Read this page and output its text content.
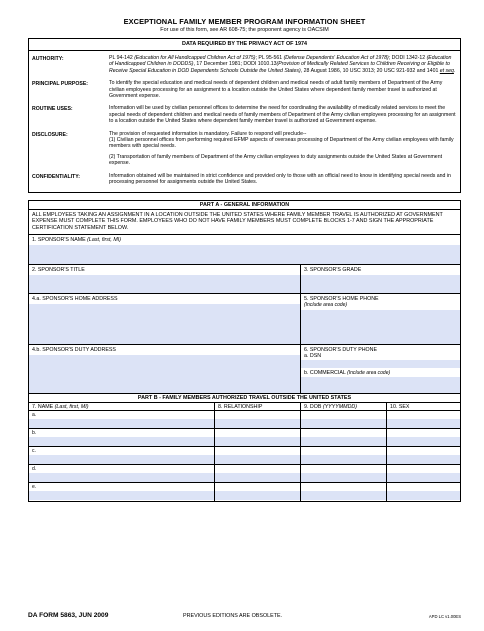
EXCEPTIONAL FAMILY MEMBER PROGRAM INFORMATION SHEET
For use of this form, see AR 608-75; the proponent agency is OACSIM
DATA REQUIRED BY THE PRIVACY ACT OF 1974
AUTHORITY:	PL 94-142 (Education for All Handicapped Children Act of 1975); PL 95-561 (Defense Dependents' Education Act of 1978); DODI 1342-12 (Education of Handicapped Children in DODDS), 17 December 1981; DODI 1010.13(Provision of Medically Related Services to Children Receiving or Eligible to Receive Special Education in DOD Dependents Schools Outside the United States), 28 August 1986, 10 USC 3013; 20 USC 921-932 and 1401 et seq.
PRINCIPAL PURPOSE:	To identify the special education and medical needs of dependent children and medical needs of adult family members of Department of the Army civilian employees processing for an assignment to a location outside the United States where dependent family member travel is authorized at Government expense.
ROUTINE USES:	Information will be used by civilian personnel offices to determine the need for coordinating the availability of medically related services to meet the special needs of dependent children and medical needs of family members of Department of the Army civilian employees processing for an assignment to a location outside the United States where dependent family member travel is authorized at Government expense.
DISCLOSURE:	The provision of requested information is mandatory. Failure to respond will preclude--
(1) Civilian personnel offices from performing required EFMP aspects of overseas processing of Department of the Army civilian employees with family members with special needs.

(2) Transportation of family members of Department of the Army civilian employees to duty assignments outside the United States at Government expense.

CONFIDENTIALITY:	Information obtained will be maintained in strict confidence and provided only to those with an official need to know in identifying special needs and in processing personnel for assignments outside the United States.
PART A - GENERAL INFORMATION
ALL EMPLOYEES TAKING AN ASSIGNMENT IN A LOCATION OUTSIDE THE UNITED STATES WHERE FAMILY MEMBER TRAVEL IS AUTHORIZED AT GOVERNMENT EXPENSE MUST COMPLETE THIS FORM. EMPLOYEES WHO DO NOT HAVE FAMILY MEMBERS MUST COMPLETE BLOCKS 1-7 AND SIGN THE APPROPRIATE CERTIFICATION STATEMENT BELOW.
1. SPONSOR'S NAME (Last, first, MI)
2. SPONSOR'S TITLE	3. SPONSOR'S GRADE
4.a. SPONSOR'S HOME ADDRESS	5. SPONSOR'S HOME PHONE
(Include area code)
4.b. SPONSOR'S DUTY ADDRESS	6. SPONSOR'S DUTY PHONE
a. DSN
b. COMMERCIAL (Include area code)
PART B - FAMILY MEMBERS AUTHORIZED TRAVEL OUTSIDE THE UNITED STATES
7. NAME (Last, first, MI)	8. RELATIONSHIP	9. DOB (YYYYMMDD)	10. SEX
a.
b.
c.
d.
e.
DA FORM 5863, JUN 2009	PREVIOUS EDITIONS ARE OBSOLETE.	APD LC v1.00ES
